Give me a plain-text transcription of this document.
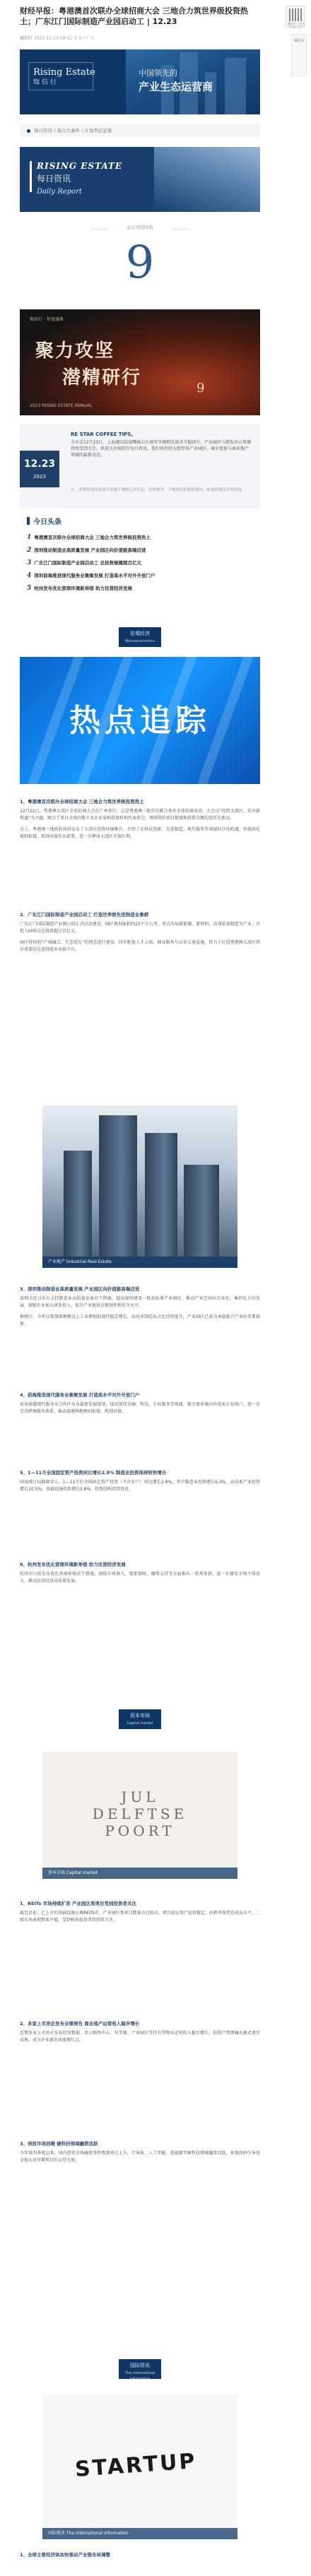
财经早报：粤港澳首次联办全球招商大会 三地合力筑世界级投资热土；广东江门国际制造产业园启动工 | 12.23
瑞信行 2023-12-23 09:02 发表于广东
微信扫一扫关注该公众号
瑞信行
Rising Estate
瑞信行
中国领先的
产业生态运营商
每日资讯丨每日大事件丨计划类信息集
RISING ESTATE
每日资讯
Daily Report
延长期第9期
9
瑞信行 · 年度盛典
聚力攻坚
潜精研行	9
2023 RISING ESTATE ANNUAL
12.23
2023
RE STAR COFFEE TIPS。
今天是12月23日，上海浦东陆家嘴核心区域写字楼租赁需求平稳回升，产业园区与研发办公资源持续受到关注。欢迎关注瑞信行每日资讯，我们将持续为您带来产业园区、城市更新与商业地产领域的最新动态。
注：本期资讯内容部分来源于网络公开信息，仅供参考，不构成任何投资建议；如需转载请注明出处。
今日头条
1 粤港澳首次联办全球招商大会 三地合力筑世界级投资热土
2 深圳推动制造业高质量发展 产业园区向价值链高端迈进
3 广东江门国际制造产业园启动工 总投资规模超百亿元
4 深圳前海推进现代服务业集聚发展 打造高水平对外开放门户
5 杭州发布优化营商环境新举措 助力民营经济发展
宏观经济
Macroeconomics
热点追踪
1、粤港澳首次联办全球招商大会 三地合力筑世界级投资热土
12月22日，粤港澳大湾区全球招商大会在广州举行，这是粤港澳三地首次联合举办全球招商活动。大会以“投资大湾区，共享新机遇”为主题，吸引了来自全球的数千名企业家和投资机构代表参会，现场签约项目数量和投资金额均创历史新高。
会上，粤港澳三地政府共同发布了大湾区投资环境推介，介绍了在科技创新、先进制造、现代服务等领域的合作机遇，并就深化规则衔接、机制对接作出部署，进一步释放大湾区开放红利。
2、广东江门国际制造产业园启动工 打造世界级先进制造业集群
广东江门国际制造产业园日前正式启动建设，园区规划面积约25平方公里，重点布局新能源、新材料、高端装备制造等产业，首批入园项目总投资超过百亿元。
园区将按照“产城融合、生态优先”的理念进行建设，同步配套人才公寓、商业服务与公共交通设施，致力于打造粤港澳大湾区西岸重要的先进制造业承载平台。
产业地产 Industrial Real Estate
3、深圳推动制造业高质量发展 产业园区向价值链高端迈进
深圳市近日出台支持制造业高质量发展若干措施，提出加快建设一批高标准产业园区，推动产业空间向专业化、集约化方向发展，鼓励企业加大研发投入，提升产业链供应链韧性和安全水平。
据统计，今年以来深圳规模以上工业增加值保持稳定增长，高技术制造业占比持续提升，产业园区已成为承载新兴产业的重要载体。
4、前海推进现代服务业集聚发展 打造高水平对外开放门户
前海深港现代服务业合作区发布最新发展规划，提出围绕金融、科技、专业服务等领域，吸引更多境内外优质企业落户，进一步完善跨境服务体系，推动深港两地规则衔接、机制对接。
5、1—11月全国固定资产投资同比增长2.9% 制造业投资保持较快增长
国家统计局数据显示，1—11月份全国固定资产投资（不含农户）同比增长2.9%，其中制造业投资增长6.3%，高技术产业投资增长10.5%，基础设施投资增长5.8%，投资结构持续优化。
6、杭州发布优化营商环境新举措 助力民营经济发展
杭州市日前发布优化营商环境若干措施，围绕市场准入、要素保障、融资支持等方面推出一系列举措，进一步激发市场主体活力，推动民营经济高质量发展。
资本市场
Capital market
JUL
DELFTSE
POORT
资本市场 Capital market
1、REITs 市场持续扩容 产业园区类项目受到投资者关注
截至目前，已上市的基础设施公募REITs中，产业园区类项目数量占比较高，项目底层资产运营稳定，出租率保持在较高水平，二级市场表现整体平稳，受到机构投资者的持续关注。
2、多家上市房企发布业绩预告 商业地产运营收入稳步增长
近期多家上市房企发布经营数据，显示购物中心、写字楼、产业园区等持有型物业运营收入稳步增长，轻资产管理输出模式逐步成熟，成为企业新的业绩增长点。
3、创投市场回暖 硬科技领域融资活跃
今年第四季度以来，国内创投市场融资事件数量环比上升，半导体、人工智能、新能源等硬科技领域融资活跃，多地政府引导基金加大对早期项目的支持力度。
国际资讯
The international information
STARTUP
国际资讯 The international information
1、全球主要经济体加快推动产业链布局调整
